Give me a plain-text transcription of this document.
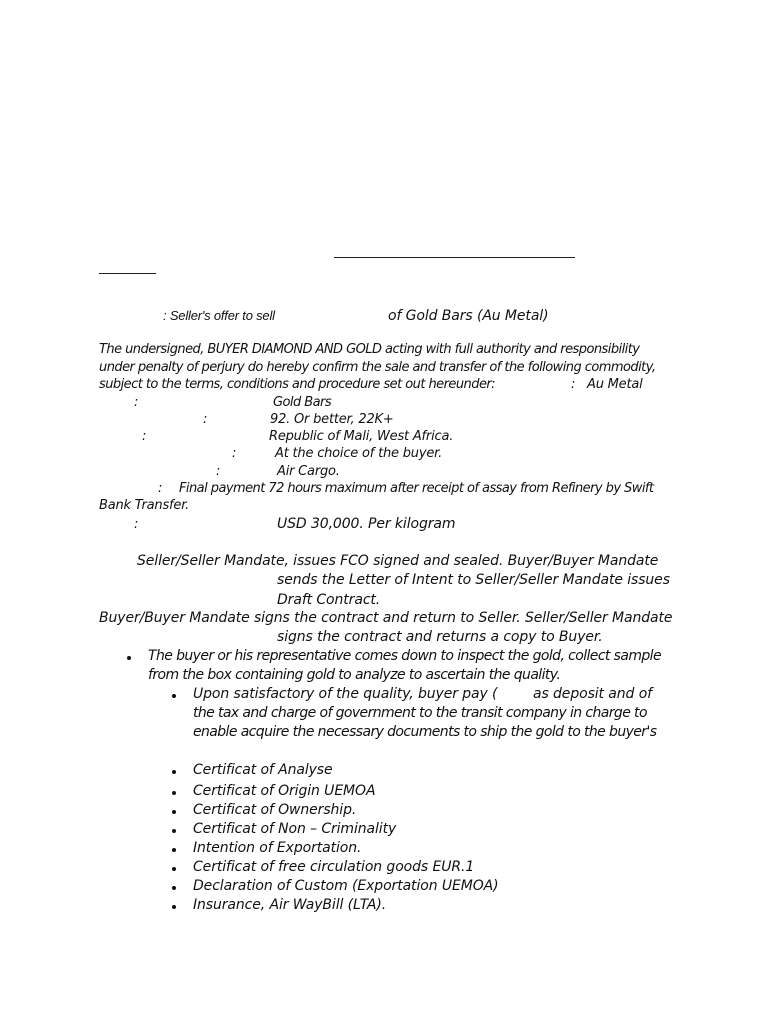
: Seller's offer to sell	of Gold Bars (Au Metal)
The undersigned, BUYER DIAMOND AND GOLD acting with full authority and responsibility
under penalty of perjury do hereby confirm the sale and transfer of the following commodity,
subject to the terms, conditions and procedure set out hereunder:	: Au Metal
:	Gold Bars
:	92. Or better, 22K+
:	Republic of Mali, West Africa.
:	At the choice of the buyer.
:	Air Cargo.
: Final payment 72 hours maximum after receipt of assay from Refinery by Swift
Bank Transfer.
:	USD 30,000. Per kilogram
Seller/Seller Mandate, issues FCO signed and sealed. Buyer/Buyer Mandate
sends the Letter of Intent to Seller/Seller Mandate issues
Draft Contract.
Buyer/Buyer Mandate signs the contract and return to Seller. Seller/Seller Mandate
signs the contract and returns a copy to Buyer.
The buyer or his representative comes down to inspect the gold, collect sample
from the box containing gold to analyze to ascertain the quality.
Upon satisfactory of the quality, buyer pay (	as deposit and of
the tax and charge of government to the transit company in charge to
enable acquire the necessary documents to ship the gold to the buyer's
Certificat of Analyse
Certificat of Origin UEMOA
Certificat of Ownership.
Certificat of Non – Criminality
Intention of Exportation.
Certificat of free circulation goods EUR.1
Declaration of Custom (Exportation UEMOA)
Insurance, Air WayBill (LTA).
